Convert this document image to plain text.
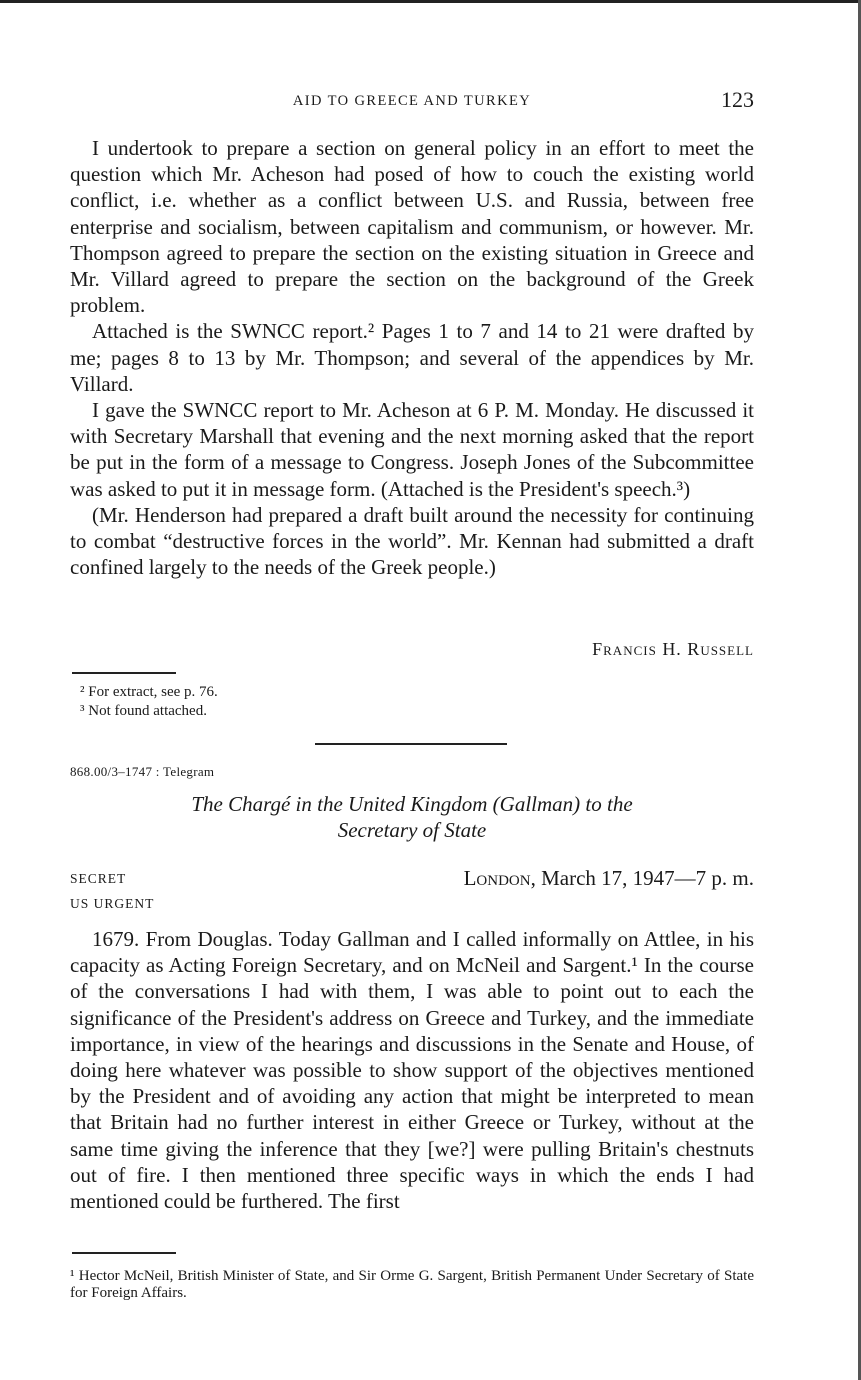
AID TO GREECE AND TURKEY	123

I undertook to prepare a section on general policy in an effort to meet the question which Mr. Acheson had posed of how to couch the existing world conflict, i.e. whether as a conflict between U.S. and Russia, between free enterprise and socialism, between capitalism and communism, or however. Mr. Thompson agreed to prepare the section on the existing situation in Greece and Mr. Villard agreed to prepare the section on the background of the Greek problem.

Attached is the SWNCC report.² Pages 1 to 7 and 14 to 21 were drafted by me; pages 8 to 13 by Mr. Thompson; and several of the appendices by Mr. Villard.

I gave the SWNCC report to Mr. Acheson at 6 P. M. Monday. He discussed it with Secretary Marshall that evening and the next morning asked that the report be put in the form of a message to Congress. Joseph Jones of the Subcommittee was asked to put it in message form. (Attached is the President's speech.³)

(Mr. Henderson had prepared a draft built around the necessity for continuing to combat “destructive forces in the world”. Mr. Kennan had submitted a draft confined largely to the needs of the Greek people.)

Francis H. Russell
² For extract, see p. 76.
³ Not found attached.
868.00/3–1747 : Telegram
The Chargé in the United Kingdom (Gallman) to the
Secretary of State
SECRET
US URGENT
London, March 17, 1947—7 p. m.

1679. From Douglas. Today Gallman and I called informally on Attlee, in his capacity as Acting Foreign Secretary, and on McNeil and Sargent.¹ In the course of the conversations I had with them, I was able to point out to each the significance of the President's address on Greece and Turkey, and the immediate importance, in view of the hearings and discussions in the Senate and House, of doing here whatever was possible to show support of the objectives mentioned by the President and of avoiding any action that might be interpreted to mean that Britain had no further interest in either Greece or Turkey, without at the same time giving the inference that they [we?] were pulling Britain's chestnuts out of fire. I then mentioned three specific ways in which the ends I had mentioned could be furthered. The first

¹ Hector McNeil, British Minister of State, and Sir Orme G. Sargent, British Permanent Under Secretary of State for Foreign Affairs.
